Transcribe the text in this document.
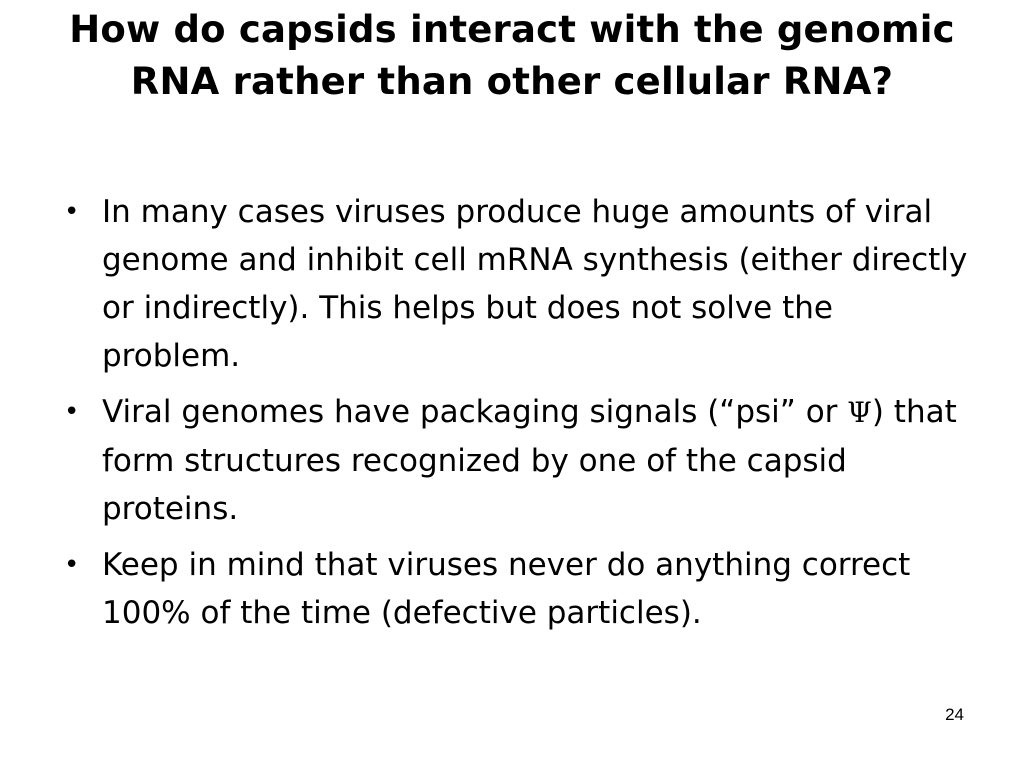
How do capsids interact with the genomic RNA rather than other cellular RNA?
• In many cases viruses produce huge amounts of viral genome and inhibit cell mRNA synthesis (either directly or indirectly). This helps but does not solve the problem.
• Viral genomes have packaging signals (“psi” or Ψ) that form structures recognized by one of the capsid proteins.
• Keep in mind that viruses never do anything correct 100% of the time (defective particles).
24
